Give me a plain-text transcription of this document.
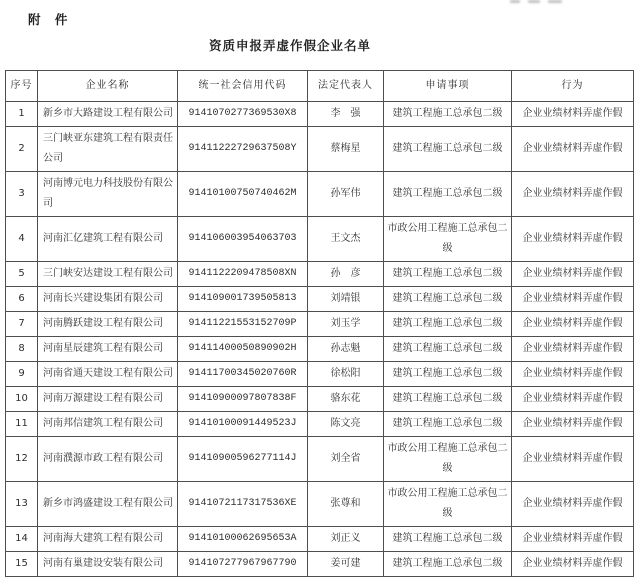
附 件
资质申报弄虚作假企业名单
序号	企业名称	统一社会信用代码	法定代表人	申请事项	行为
1	新乡市大路建设工程有限公司	9141070277369530X8	李　强	建筑工程施工总承包二级	企业业绩材料弄虚作假
2	三门峡亚东建筑工程有限责任公司	91411222729637508Y	蔡梅星	建筑工程施工总承包二级	企业业绩材料弄虚作假
3	河南博元电力科技股份有限公司	91410100750740462M	孙军伟	建筑工程施工总承包二级	企业业绩材料弄虚作假
4	河南汇亿建筑工程有限公司	914106003954063703	王文杰	市政公用工程施工总承包二级	企业业绩材料弄虚作假
5	三门峡安达建设工程有限公司	9141122209478508XN	孙　彦	建筑工程施工总承包二级	企业业绩材料弄虚作假
6	河南长兴建设集团有限公司	914109001739505813	刘靖银	建筑工程施工总承包二级	企业业绩材料弄虚作假
7	河南腾跃建设工程有限公司	91411221553152709P	刘玉学	建筑工程施工总承包二级	企业业绩材料弄虚作假
8	河南星辰建筑工程有限公司	91411400050890902H	孙志魁	建筑工程施工总承包二级	企业业绩材料弄虚作假
9	河南省通天建设工程有限公司	91411700345020760R	徐松阳	建筑工程施工总承包二级	企业业绩材料弄虚作假
10	河南万源建设工程有限公司	91410900097807838F	骆东花	建筑工程施工总承包二级	企业业绩材料弄虚作假
11	河南邦信建筑工程有限公司	91410100091449523J	陈文亮	建筑工程施工总承包二级	企业业绩材料弄虚作假
12	河南濮源市政工程有限公司	91410900596277114J	刘全省	市政公用工程施工总承包二级	企业业绩材料弄虚作假
13	新乡市鸿盛建设工程有限公司	9141072117317536XE	张尊和	市政公用工程施工总承包二级	企业业绩材料弄虚作假
14	河南海大建筑工程有限公司	91410100062695653A	刘正义	建筑工程施工总承包二级	企业业绩材料弄虚作假
15	河南有巢建设安装有限公司	914107277967967790	姜可建	建筑工程施工总承包二级	企业业绩材料弄虚作假
